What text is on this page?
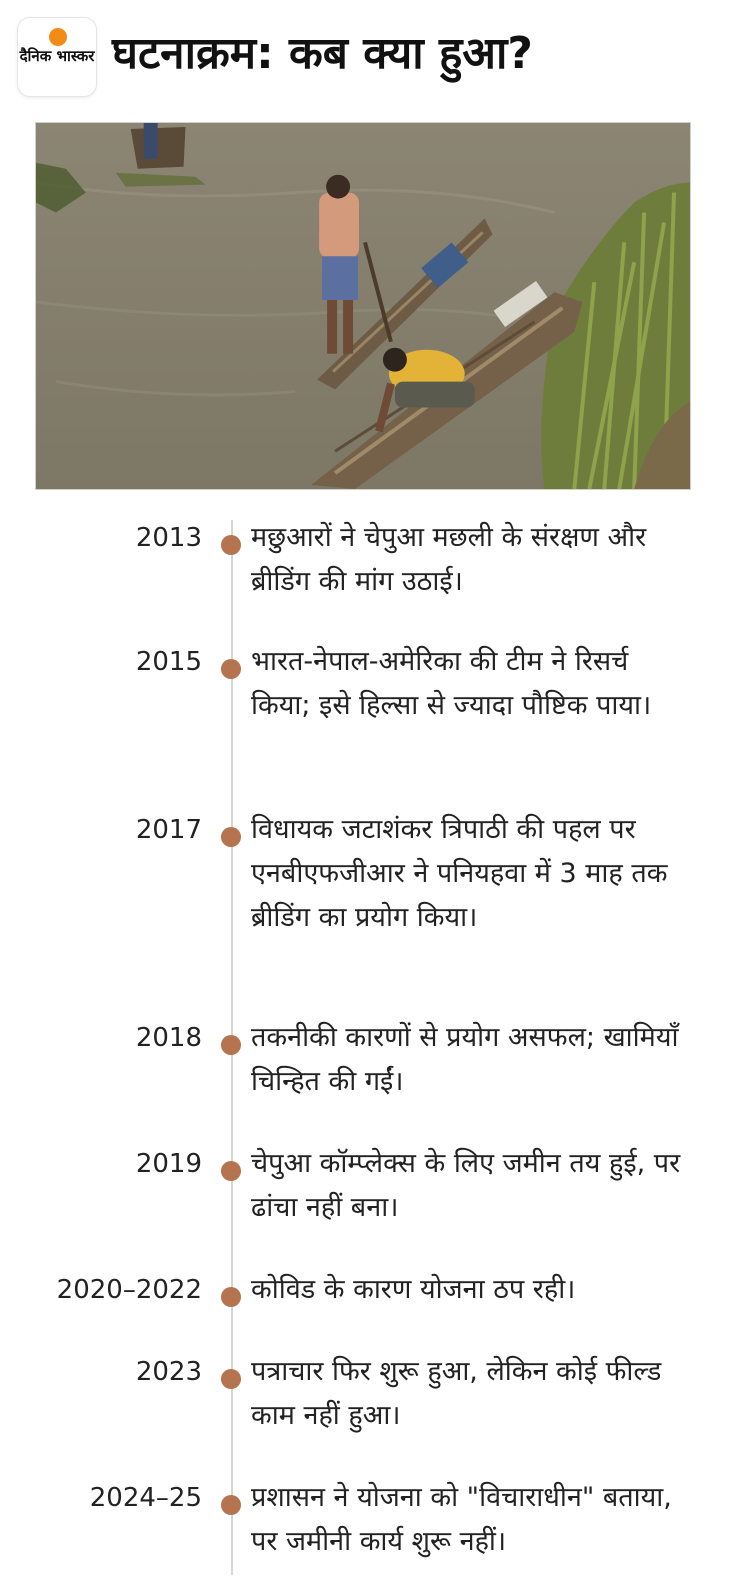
दैनिक भास्कर घटनाक्रम: कब क्या हुआ?
2013 मछुआरों ने चेपुआ मछली के संरक्षण और ब्रीडिंग की मांग उठाई।
2015 भारत-नेपाल-अमेरिका की टीम ने रिसर्च किया; इसे हिल्सा से ज्यादा पौष्टिक पाया।
2017 विधायक जटाशंकर त्रिपाठी की पहल पर एनबीएफजीआर ने पनियहवा में 3 माह तक ब्रीडिंग का प्रयोग किया।
2018 तकनीकी कारणों से प्रयोग असफल; खामियाँ चिन्हित की गईं।
2019 चेपुआ कॉम्प्लेक्स के लिए जमीन तय हुई, पर ढांचा नहीं बना।
2020–2022 कोविड के कारण योजना ठप रही।
2023 पत्राचार फिर शुरू हुआ, लेकिन कोई फील्ड काम नहीं हुआ।
2024–25 प्रशासन ने योजना को "विचाराधीन" बताया, पर जमीनी कार्य शुरू नहीं।
